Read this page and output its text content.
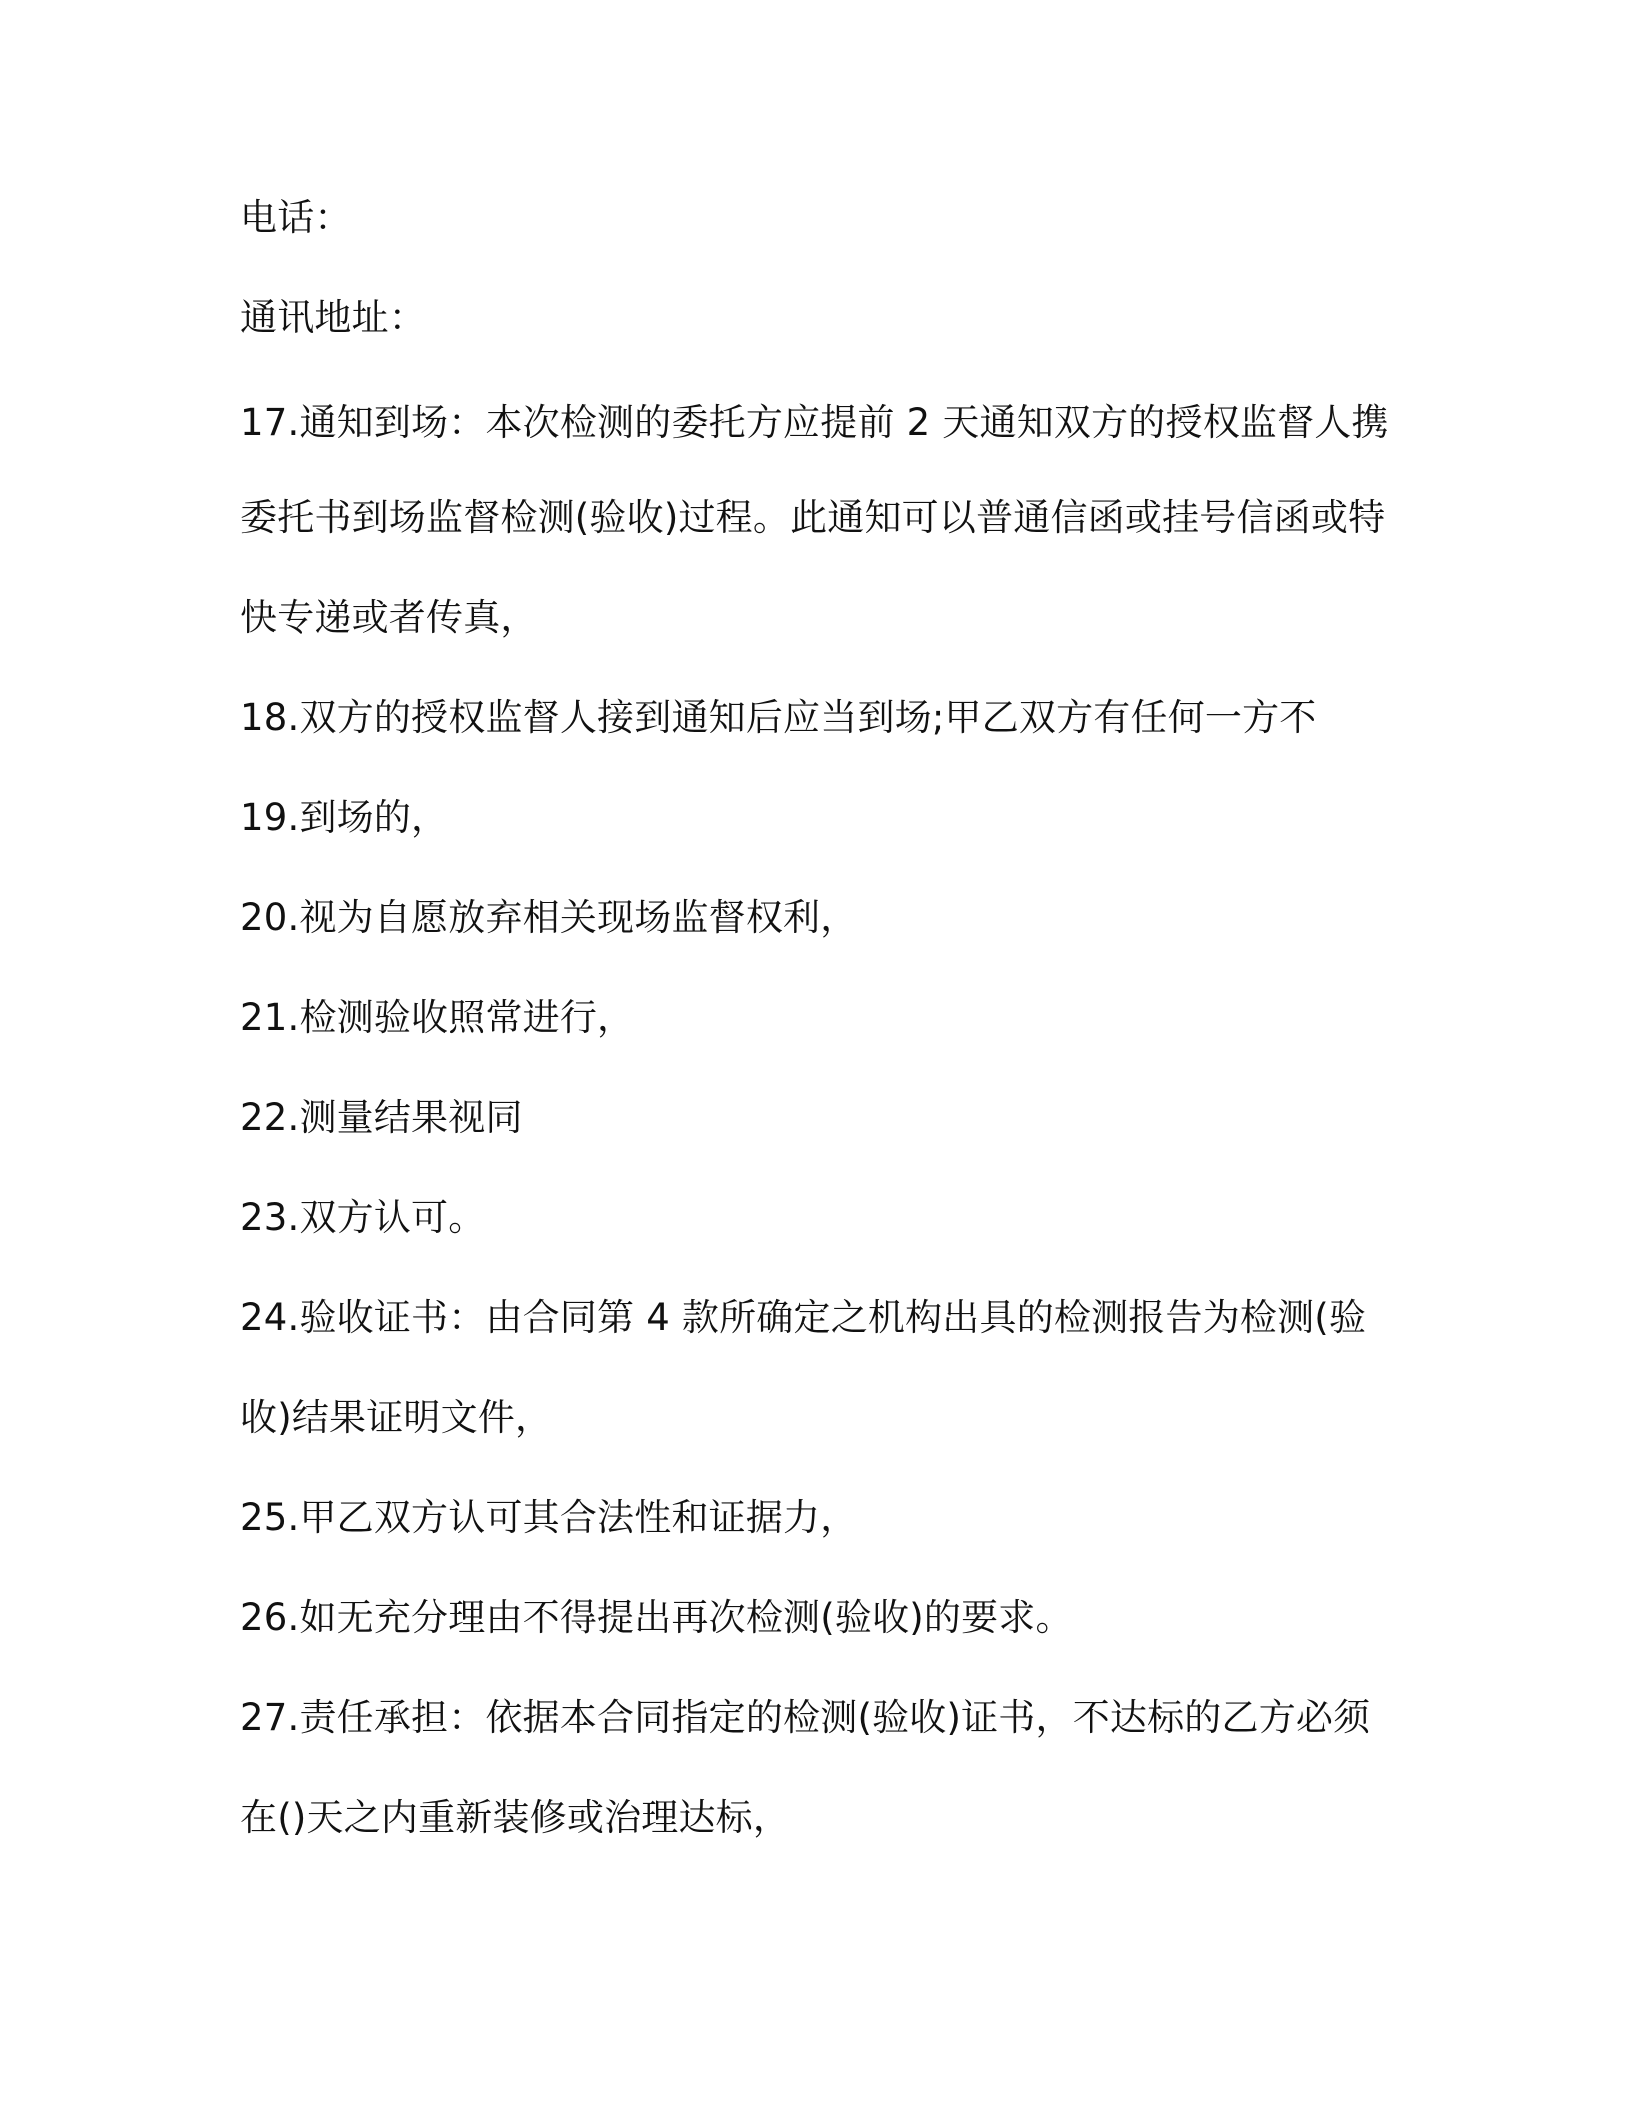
电话：
通讯地址：
17.通知到场：本次检测的委托方应提前 2 天通知双方的授权监督人携
委托书到场监督检测(验收)过程。此通知可以普通信函或挂号信函或特
快专递或者传真，
18.双方的授权监督人接到通知后应当到场;甲乙双方有任何一方不
19.到场的，
20.视为自愿放弃相关现场监督权利，
21.检测验收照常进行，
22.测量结果视同
23.双方认可。
24.验收证书：由合同第 4 款所确定之机构出具的检测报告为检测(验
收)结果证明文件，
25.甲乙双方认可其合法性和证据力，
26.如无充分理由不得提出再次检测(验收)的要求。
27.责任承担：依据本合同指定的检测(验收)证书，不达标的乙方必须
在()天之内重新装修或治理达标，
